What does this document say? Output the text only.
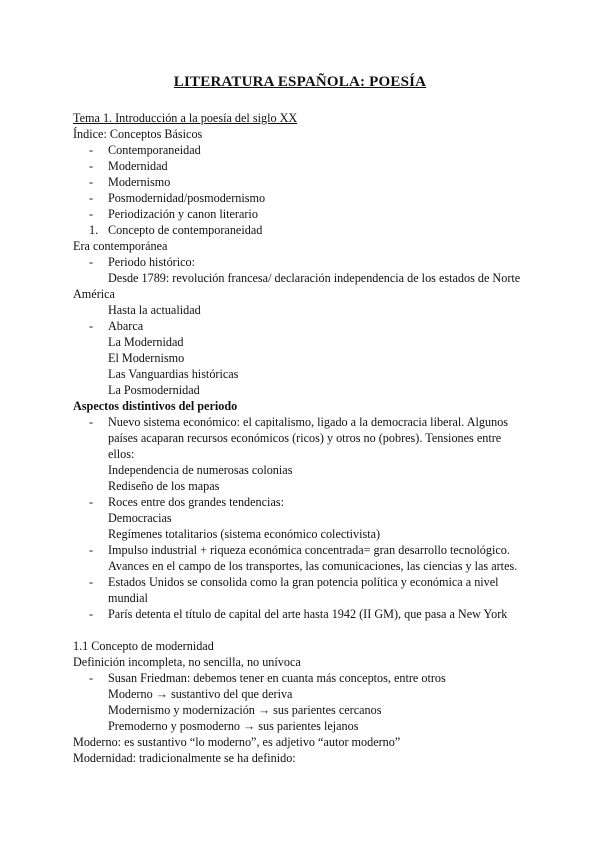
LITERATURA ESPAÑOLA: POESÍA

Tema 1. Introducción a la poesía del siglo XX

Índice: Conceptos Básicos

- Contemporaneidad

- Modernidad

- Modernismo

- Posmodernidad/posmodernismo

- Periodización y canon literario

1. Concepto de contemporaneidad

Era contemporánea

- Periodo histórico:

Desde 1789: revolución francesa/ declaración independencia de los estados de Norte

América

Hasta la actualidad

- Abarca

La Modernidad

El Modernismo

Las Vanguardias históricas

La Posmodernidad

Aspectos distintivos del periodo

- Nuevo sistema económico: el capitalismo, ligado a la democracia liberal. Algunos

países acaparan recursos económicos (ricos) y otros no (pobres). Tensiones entre

ellos:

Independencia de numerosas colonias

Rediseño de los mapas

- Roces entre dos grandes tendencias:

Democracias

Regímenes totalitarios (sistema económico colectivista)

- Impulso industrial + riqueza económica concentrada= gran desarrollo tecnológico.

Avances en el campo de los transportes, las comunicaciones, las ciencias y las artes.

- Estados Unidos se consolida como la gran potencia política y económica a nivel

mundial

- París detenta el título de capital del arte hasta 1942 (II GM), que pasa a New York

1.1 Concepto de modernidad

Definición incompleta, no sencilla, no unívoca

- Susan Friedman: debemos tener en cuanta más conceptos, entre otros

Moderno → sustantivo del que deriva

Modernismo y modernización → sus parientes cercanos

Premoderno y posmoderno → sus parientes lejanos

Moderno: es sustantivo “lo moderno”, es adjetivo “autor moderno”

Modernidad: tradicionalmente se ha definido:
